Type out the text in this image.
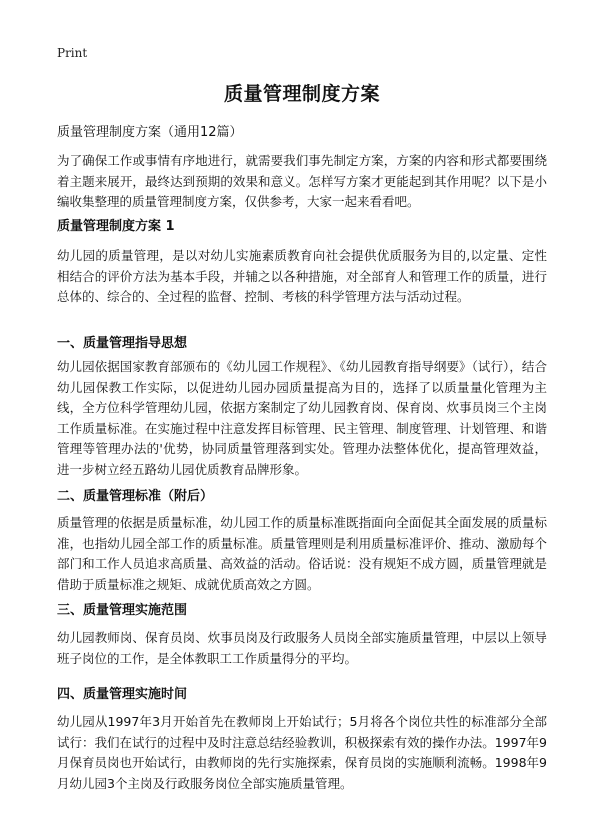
Print
质量管理制度方案

质量管理制度方案（通用12篇）

为了确保工作或事情有序地进行，就需要我们事先制定方案，方案的内容和形式都要围绕着主题来展开，最终达到预期的效果和意义。怎样写方案才更能起到其作用呢？以下是小编收集整理的质量管理制度方案，仅供参考，大家一起来看看吧。

质量管理制度方案 1

幼儿园的质量管理，是以对幼儿实施素质教育向社会提供优质服务为目的,以定量、定性相结合的评价方法为基本手段，并辅之以各种措施，对全部育人和管理工作的质量，进行总体的、综合的、全过程的监督、控制、考核的科学管理方法与活动过程。

一、质量管理指导思想

幼儿园依据国家教育部颁布的《幼儿园工作规程》、《幼儿园教育指导纲要》（试行），结合幼儿园保教工作实际，以促进幼儿园办园质量提高为目的，选择了以质量量化管理为主线，全方位科学管理幼儿园，依据方案制定了幼儿园教育岗、保育岗、炊事员岗三个主岗工作质量标准。在实施过程中注意发挥目标管理、民主管理、制度管理、计划管理、和谐管理等管理办法的'优势，协同质量管理落到实处。管理办法整体优化，提高管理效益，进一步树立经五路幼儿园优质教育品牌形象。

二、质量管理标准（附后）

质量管理的依据是质量标准，幼儿园工作的质量标准既指面向全面促其全面发展的质量标准，也指幼儿园全部工作的质量标准。质量管理则是利用质量标准评价、推动、激励每个部门和工作人员追求高质量、高效益的活动。俗话说：没有规矩不成方圆，质量管理就是借助于质量标准之规矩、成就优质高效之方圆。

三、质量管理实施范围

幼儿园教师岗、保育员岗、炊事员岗及行政服务人员岗全部实施质量管理，中层以上领导班子岗位的工作，是全体教职工工作质量得分的平均。

四、质量管理实施时间

幼儿园从1997年3月开始首先在教师岗上开始试行；5月将各个岗位共性的标准部分全部试行：我们在试行的过程中及时注意总结经验教训，积极探索有效的操作办法。1997年9月保育员岗也开始试行，由教师岗的先行实施探索，保育员岗的实施顺利流畅。1998年9月幼儿园3个主岗及行政服务岗位全部实施质量管理。
